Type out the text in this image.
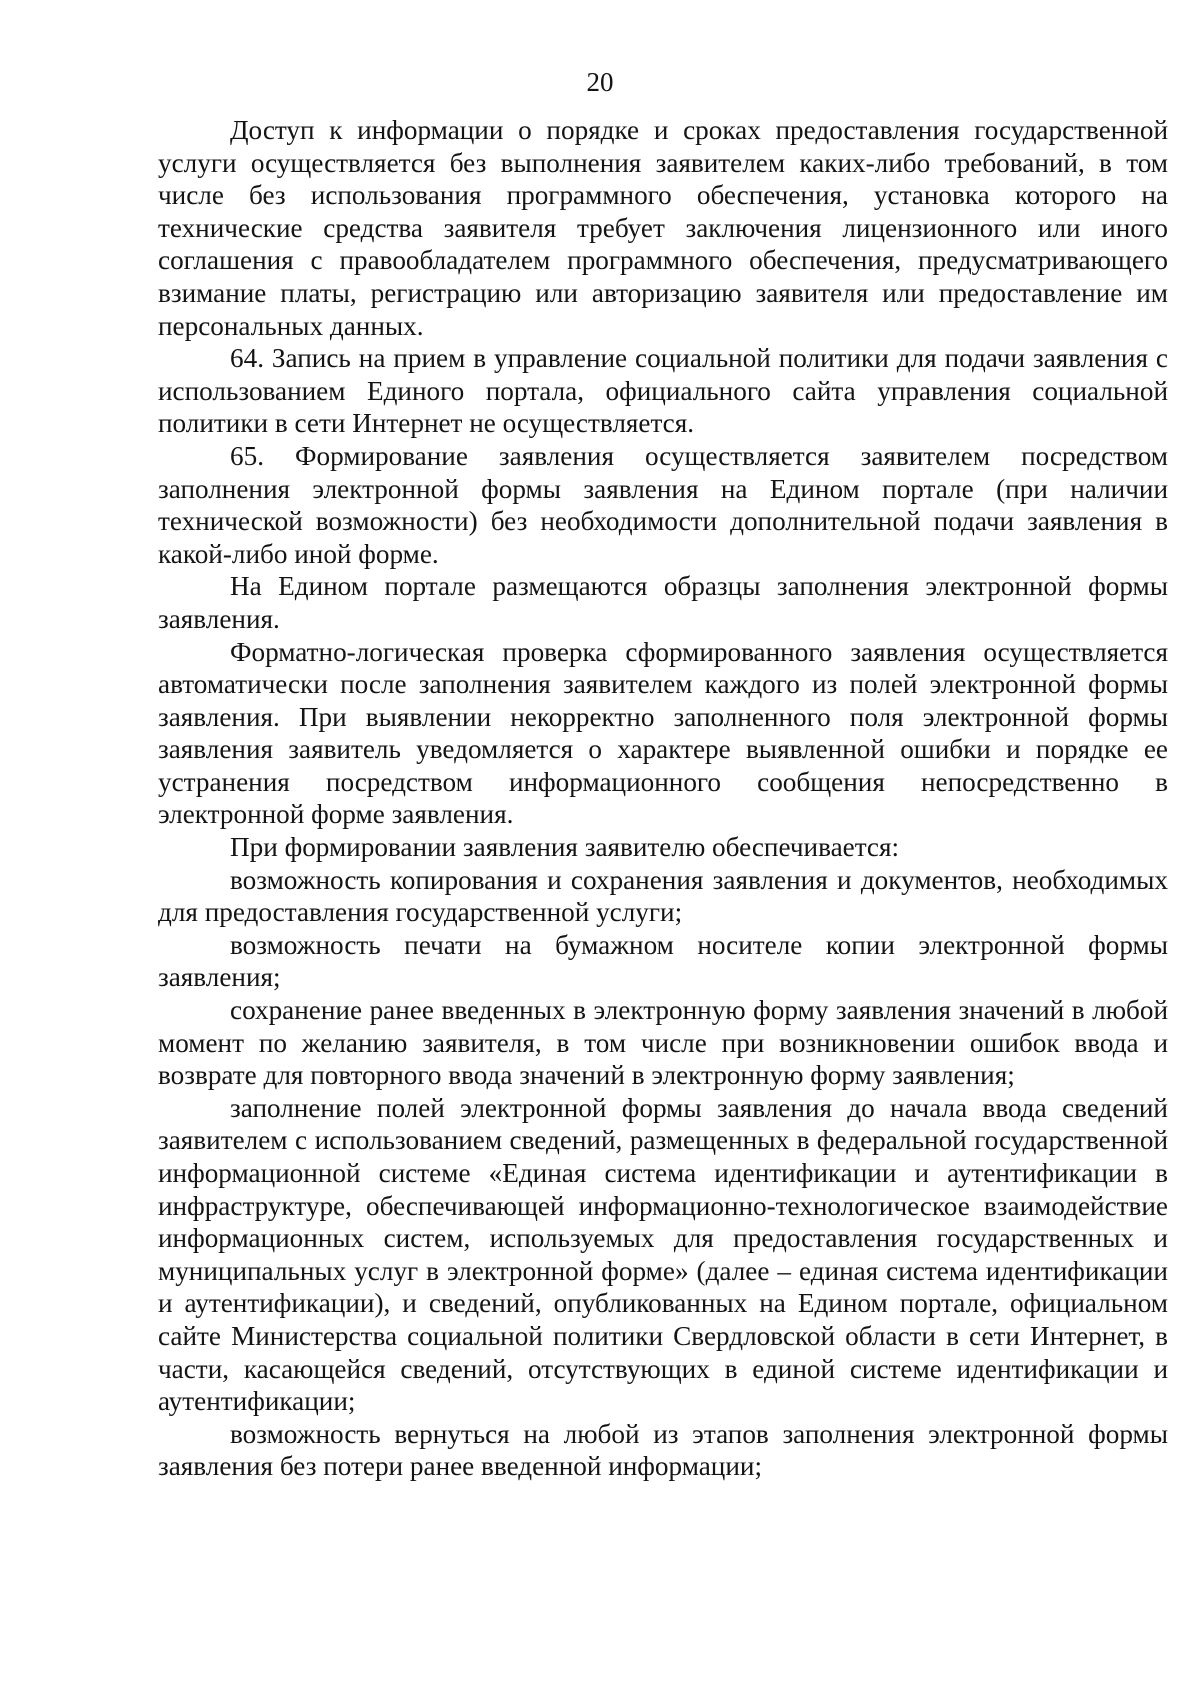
20

Доступ к информации о порядке и сроках предоставления государственной услуги осуществляется без выполнения заявителем каких-либо требований, в том числе без использования программного обеспечения, установка которого на технические средства заявителя требует заключения лицензионного или иного соглашения с правообладателем программного обеспечения, предусматривающего взимание платы, регистрацию или авторизацию заявителя или предоставление им персональных данных.

64. Запись на прием в управление социальной политики для подачи заявления с использованием Единого портала, официального сайта управления социальной политики в сети Интернет не осуществляется.

65. Формирование заявления осуществляется заявителем посредством заполнения электронной формы заявления на Едином портале (при наличии технической возможности) без необходимости дополнительной подачи заявления в какой-либо иной форме.

На Едином портале размещаются образцы заполнения электронной формы заявления.

Форматно-логическая проверка сформированного заявления осуществляется автоматически после заполнения заявителем каждого из полей электронной формы заявления. При выявлении некорректно заполненного поля электронной формы заявления заявитель уведомляется о характере выявленной ошибки и порядке ее устранения посредством информационного сообщения непосредственно в электронной форме заявления.

При формировании заявления заявителю обеспечивается:

возможность копирования и сохранения заявления и документов, необходимых для предоставления государственной услуги;

возможность печати на бумажном носителе копии электронной формы заявления;

сохранение ранее введенных в электронную форму заявления значений в любой момент по желанию заявителя, в том числе при возникновении ошибок ввода и возврате для повторного ввода значений в электронную форму заявления;

заполнение полей электронной формы заявления до начала ввода сведений заявителем с использованием сведений, размещенных в федеральной государственной информационной системе «Единая система идентификации и аутентификации в инфраструктуре, обеспечивающей информационно-технологическое взаимодействие информационных систем, используемых для предоставления государственных и муниципальных услуг в электронной форме» (далее – единая система идентификации и аутентификации), и сведений, опубликованных на Едином портале, официальном сайте Министерства социальной политики Свердловской области в сети Интернет, в части, касающейся сведений, отсутствующих в единой системе идентификации и аутентификации;

возможность вернуться на любой из этапов заполнения электронной формы заявления без потери ранее введенной информации;
